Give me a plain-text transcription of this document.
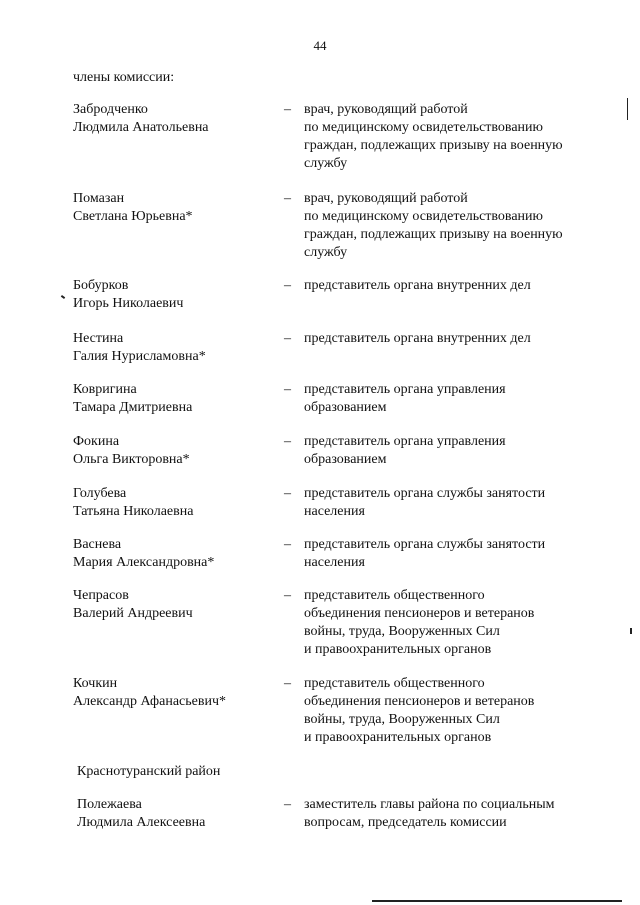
44
члены комиссии:
Забродченко
Людмила Анатольевна
– врач, руководящий работой
по медицинскому освидетельствованию
граждан, подлежащих призыву на военную
службу
Помазан
Светлана Юрьевна*
– врач, руководящий работой
по медицинскому освидетельствованию
граждан, подлежащих призыву на военную
службу
Бобурков
Игорь Николаевич
– представитель органа внутренних дел
Нестина
Галия Нурисламовна*
– представитель органа внутренних дел
Ковригина
Тамара Дмитриевна
– представитель органа управления
образованием
Фокина
Ольга Викторовна*
– представитель органа управления
образованием
Голубева
Татьяна Николаевна
– представитель органа службы занятости
населения
Васнева
Мария Александровна*
– представитель органа службы занятости
населения
Чепрасов
Валерий Андреевич
– представитель общественного
объединения пенсионеров и ветеранов
войны, труда, Вооруженных Сил
и правоохранительных органов
Кочкин
Александр Афанасьевич*
– представитель общественного
объединения пенсионеров и ветеранов
войны, труда, Вооруженных Сил
и правоохранительных органов
Краснотуранский район
Полежаева
Людмила Алексеевна
– заместитель главы района по социальным
вопросам, председатель комиссии
